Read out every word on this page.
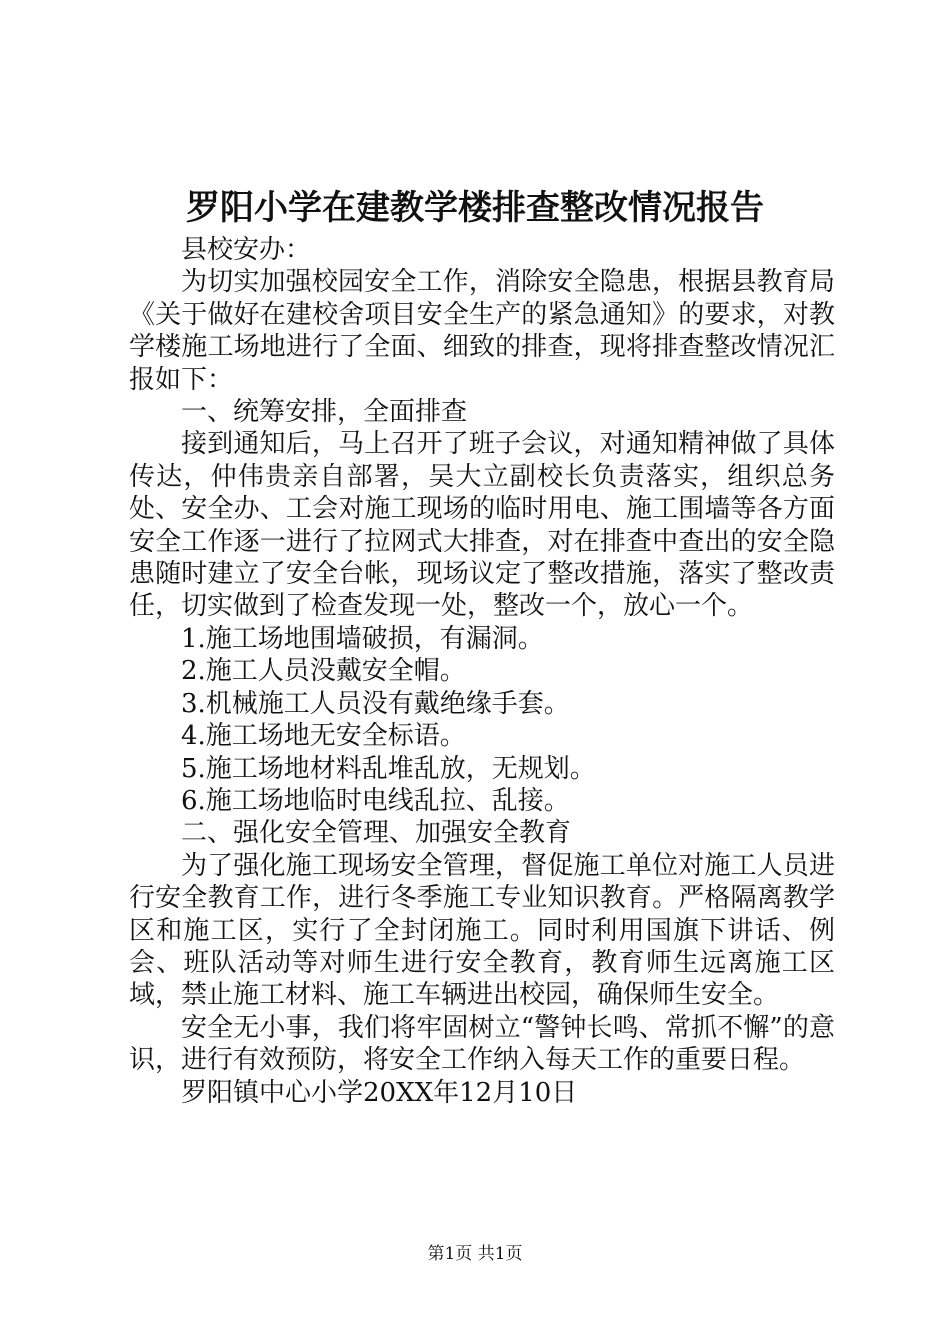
罗阳小学在建教学楼排查整改情况报告

县校安办：

为切实加强校园安全工作，消除安全隐患，根据县教育局《关于做好在建校舍项目安全生产的紧急通知》的要求，对教学楼施工场地进行了全面、细致的排查，现将排查整改情况汇报如下：

一、统筹安排，全面排查

接到通知后，马上召开了班子会议，对通知精神做了具体传达，仲伟贵亲自部署，吴大立副校长负责落实，组织总务处、安全办、工会对施工现场的临时用电、施工围墙等各方面安全工作逐一进行了拉网式大排查，对在排查中查出的安全隐患随时建立了安全台帐，现场议定了整改措施，落实了整改责任，切实做到了检查发现一处，整改一个，放心一个。

1.施工场地围墙破损，有漏洞。

2.施工人员没戴安全帽。

3.机械施工人员没有戴绝缘手套。

4.施工场地无安全标语。

5.施工场地材料乱堆乱放，无规划。

6.施工场地临时电线乱拉、乱接。

二、强化安全管理、加强安全教育

为了强化施工现场安全管理，督促施工单位对施工人员进行安全教育工作，进行冬季施工专业知识教育。严格隔离教学区和施工区，实行了全封闭施工。同时利用国旗下讲话、例会、班队活动等对师生进行安全教育，教育师生远离施工区域，禁止施工材料、施工车辆进出校园，确保师生安全。

安全无小事，我们将牢固树立“警钟长鸣、常抓不懈”的意识，进行有效预防，将安全工作纳入每天工作的重要日程。

罗阳镇中心小学20XX年12月10日

第1页 共1页
